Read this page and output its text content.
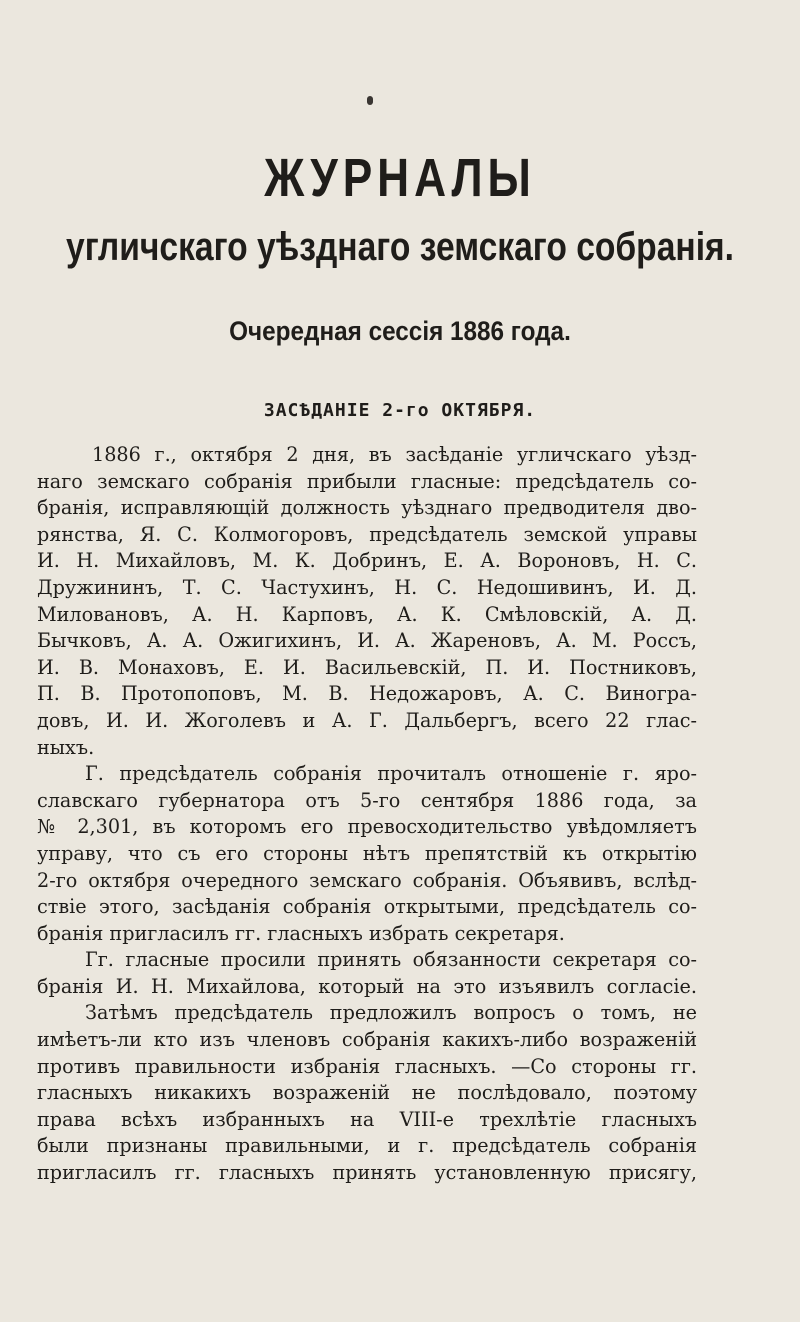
ЖУРНАЛЫ
угличскаго уѣзднаго земскаго собранія.
Очередная сессія 1886 года.
ЗАСѢДАНІЕ 2-го ОКТЯБРЯ.
1886 г., октября 2 дня, въ засѣданіе угличскаго уѣзд-
наго земскаго собранія прибыли гласные: предсѣдатель со-
бранія, исправляющій должность уѣзднаго предводителя дво-
рянства, Я. С. Колмогоровъ, предсѣдатель земской управы
И. Н. Михайловъ, М. К. Добринъ, Е. А. Вороновъ, Н. С.
Дружининъ, Т. С. Частухинъ, Н. С. Недошивинъ, И. Д.
Миловановъ, А. Н. Карповъ, А. К. Смѣловскій, А. Д.
Бычковъ, А. А. Ожигихинъ, И. А. Жареновъ, А. М. Россъ,
И. В. Монаховъ, Е. И. Васильевскій, П. И. Постниковъ,
П. В. Протопоповъ, М. В. Недожаровъ, А. С. Виногра-
довъ, И. И. Жоголевъ и А. Г. Дальбергъ, всего 22 глас-
ныхъ.
Г. предсѣдатель собранія прочиталъ отношеніе г. яро-
славскаго губернатора отъ 5-го сентября 1886 года, за
№ 2,301, въ которомъ его превосходительство увѣдомляетъ
управу, что съ его стороны нѣтъ препятствій къ открытію
2-го октября очередного земскаго собранія. Объявивъ, вслѣд-
ствіе этого, засѣданія собранія открытыми, предсѣдатель со-
бранія пригласилъ гг. гласныхъ избрать секретаря.
Гг. гласные просили принять обязанности секретаря со-
бранія И. Н. Михайлова, который на это изъявилъ согласіе.
Затѣмъ предсѣдатель предложилъ вопросъ о томъ, не
имѣетъ-ли кто изъ членовъ собранія какихъ-либо возраженій
противъ правильности избранія гласныхъ. —Со стороны гг.
гласныхъ никакихъ возраженій не послѣдовало, поэтому
права всѣхъ избранныхъ на VIII-е трехлѣтіе гласныхъ
были признаны правильными, и г. предсѣдатель собранія
пригласилъ гг. гласныхъ принять установленную присягу,
